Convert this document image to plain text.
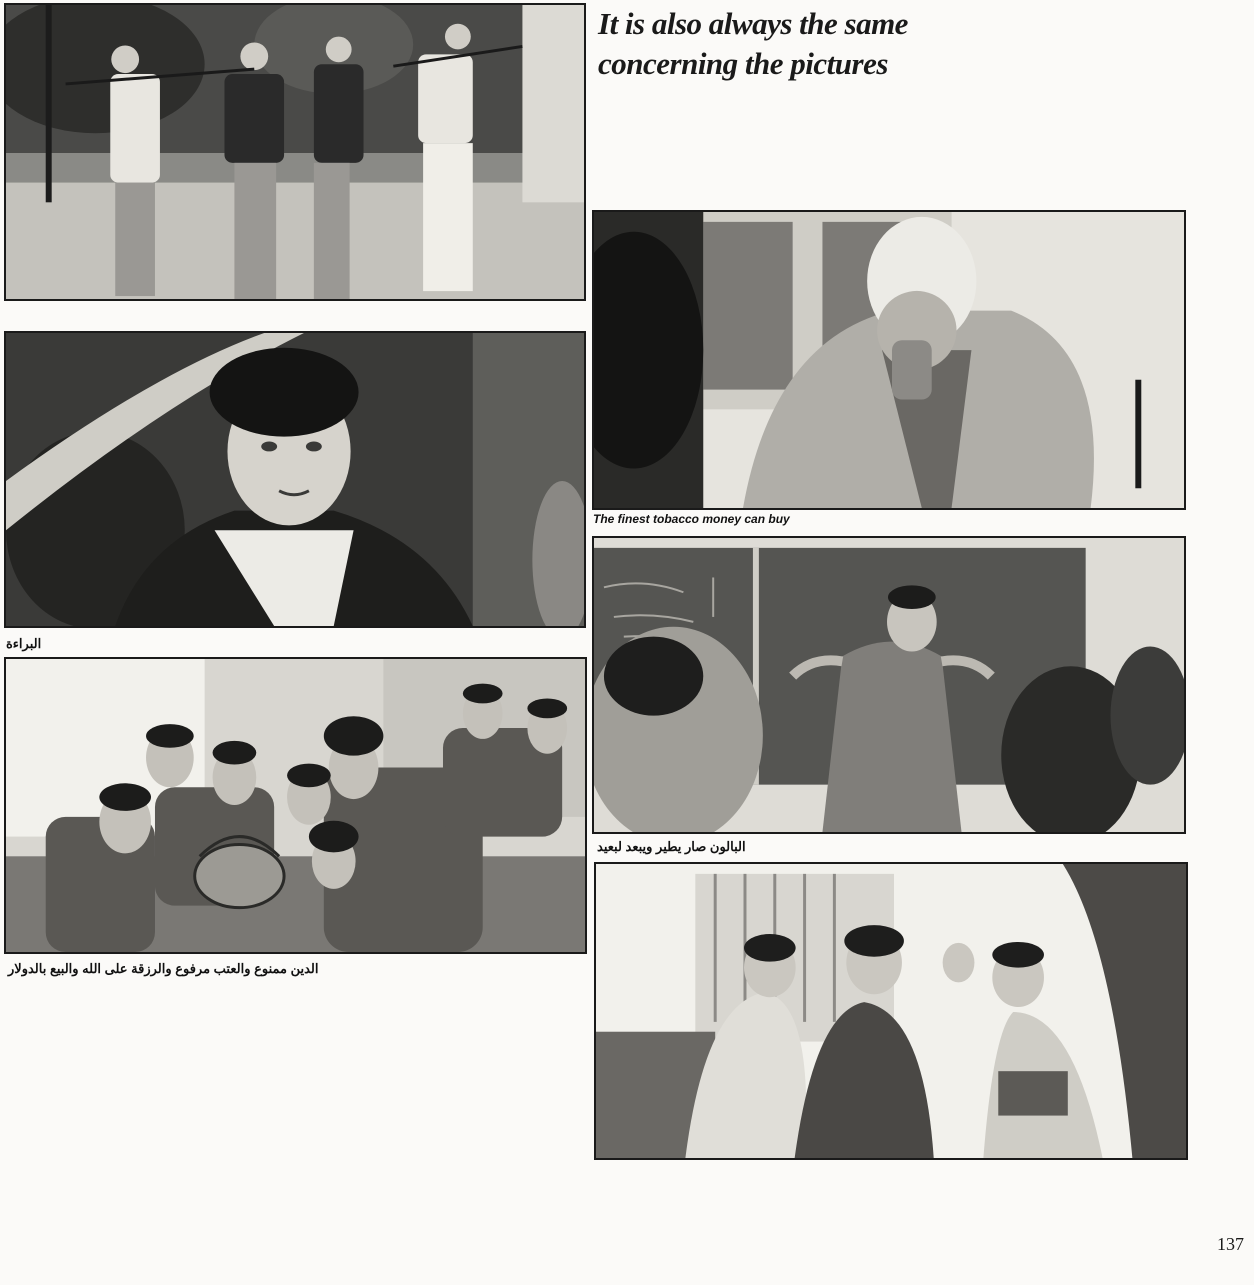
It is also always the same
concerning the pictures

البراءة

الدين ممنوع والعتب مرفوع والرزقة على الله والبيع بالدولار

The finest tobacco money can buy

البالون صار يطير ويبعد لبعيد

137
